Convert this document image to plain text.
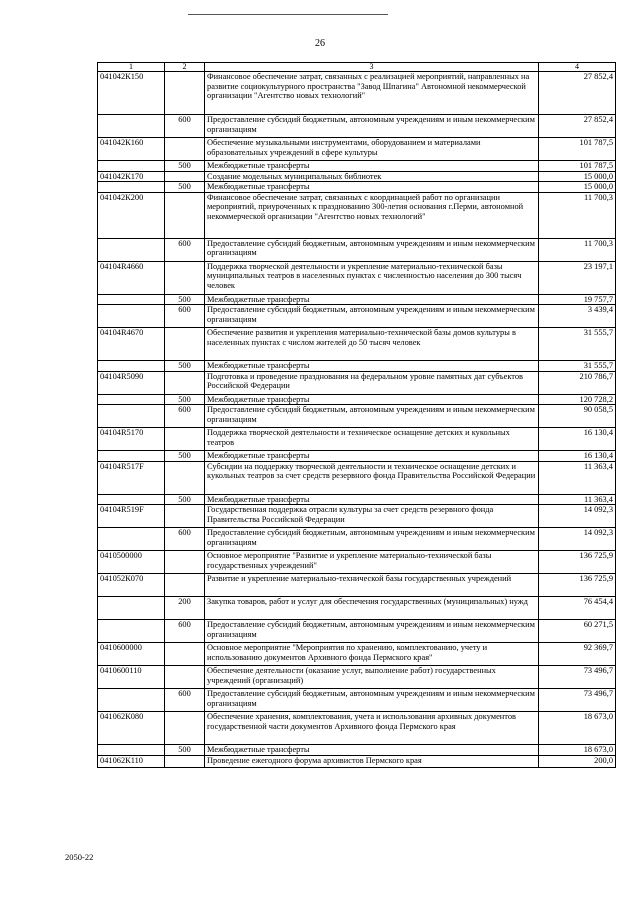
26
1	2	3	4
041042К150		Финансовое обеспечение затрат, связанных с реализацией мероприятий, направленных на развитие социокультурного пространства "Завод Шпагина" Автономной некоммерческой организации "Агентство новых технологий"	27 852,4
	600	Предоставление субсидий бюджетным, автономным учреждениям и иным некоммерческим организациям	27 852,4
041042К160		Обеспечение музыкальными инструментами, оборудованием и материалами образовательных учреждений в сфере культуры	101 787,5
	500	Межбюджетные трансферты	101 787,5
041042К170		Создание модельных муниципальных библиотек	15 000,0
	500	Межбюджетные трансферты	15 000,0
041042К200		Финансовое обеспечение затрат, связанных с координацией работ по организации мероприятий, приуроченных к празднованию 300-летия основания г.Перми, автономной некоммерческой организации "Агентство новых технологий"	11 700,3
	600	Предоставление субсидий бюджетным, автономным учреждениям и иным некоммерческим организациям	11 700,3
04104R4660		Поддержка творческой деятельности и укрепление материально-технической базы муниципальных театров в населенных пунктах с численностью населения до 300 тысяч человек	23 197,1
	500	Межбюджетные трансферты	19 757,7
	600	Предоставление субсидий бюджетным, автономным учреждениям и иным некоммерческим организациям	3 439,4
04104R4670		Обеспечение развития и укрепления материально-технической базы домов культуры в населенных пунктах с числом жителей до 50 тысяч человек	31 555,7
	500	Межбюджетные трансферты	31 555,7
04104R5090		Подготовка и проведение празднования на федеральном уровне памятных дат субъектов Российской Федерации	210 786,7
	500	Межбюджетные трансферты	120 728,2
	600	Предоставление субсидий бюджетным, автономным учреждениям и иным некоммерческим организациям	90 058,5
04104R5170		Поддержка творческой деятельности и техническое оснащение детских и кукольных театров	16 130,4
	500	Межбюджетные трансферты	16 130,4
04104R517F		Субсидии на поддержку творческой деятельности и техническое оснащение детских и кукольных театров за счет средств резервного фонда Правительства Российской Федерации	11 363,4
	500	Межбюджетные трансферты	11 363,4
04104R519F		Государственная поддержка отрасли культуры за счет средств резервного фонда Правительства Российской Федерации	14 092,3
	600	Предоставление субсидий бюджетным, автономным учреждениям и иным некоммерческим организациям	14 092,3
0410500000		Основное мероприятие "Развитие и укрепление материально-технической базы государственных учреждений"	136 725,9
041052К070		Развитие и укрепление материально-технической базы государственных учреждений	136 725,9
	200	Закупка товаров, работ и услуг для обеспечения государственных (муниципальных) нужд	76 454,4
	600	Предоставление субсидий бюджетным, автономным учреждениям и иным некоммерческим организациям	60 271,5
0410600000		Основное мероприятие "Мероприятия по хранению, комплектованию, учету и использованию документов Архивного фонда Пермского края"	92 369,7
0410600110		Обеспечение деятельности (оказание услуг, выполнение работ) государственных учреждений (организаций)	73 496,7
	600	Предоставление субсидий бюджетным, автономным учреждениям и иным некоммерческим организациям	73 496,7
041062К080		Обеспечение хранения, комплектования, учета и использования архивных документов государственной части документов Архивного фонда Пермского края	18 673,0
	500	Межбюджетные трансферты	18 673,0
041062К110		Проведение ежегодного форума архивистов Пермского края	200,0
2050-22
